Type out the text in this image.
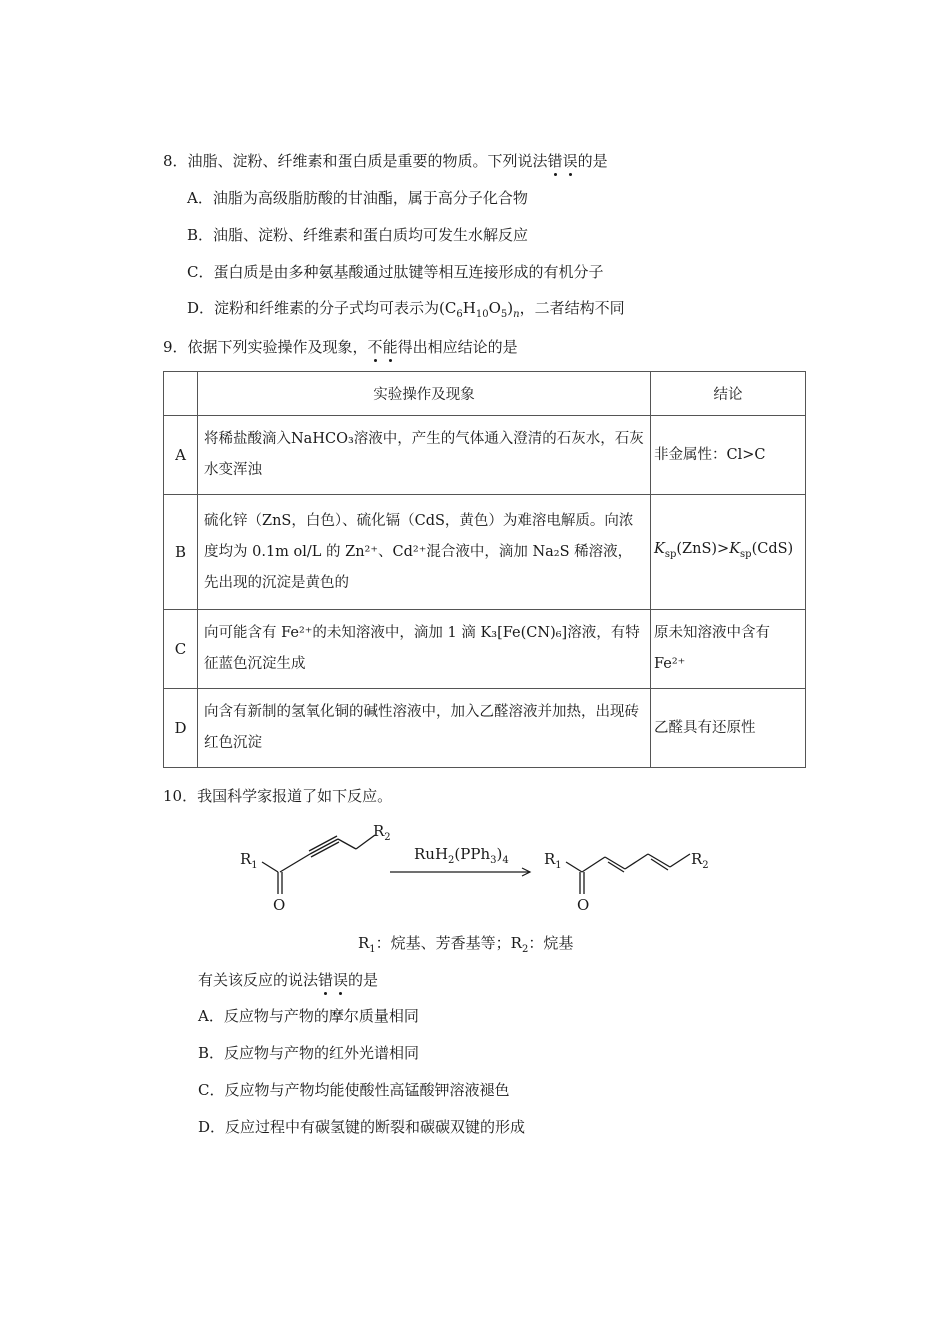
8．油脂、淀粉、纤维素和蛋白质是重要的物质。下列说法错误的是
A．油脂为高级脂肪酸的甘油酯，属于高分子化合物
B．油脂、淀粉、纤维素和蛋白质均可发生水解反应
C．蛋白质是由多种氨基酸通过肽键等相互连接形成的有机分子
D．淀粉和纤维素的分子式均可表示为$(C_6H_{10}O_5)_n$，二者结构不同
9．依据下列实验操作及现象，不能得出相应结论的是
	实验操作及现象	结论
A	将稀盐酸滴入NaHCO₃溶液中，产生的气体通入澄清的石灰水，石灰水变浑浊	非金属性：Cl>C
B	硫化锌（ZnS，白色）、硫化镉（CdS，黄色）为难溶电解质。向浓度均为 0.1m ol/L 的 Zn²⁺、Cd²⁺混合液中，滴加 Na₂S 稀溶液，先出现的沉淀是黄色的	$K_{sp}(ZnS)>K_{sp}(CdS)$
C	向可能含有 Fe²⁺的未知溶液中，滴加 1 滴 K₃[Fe(CN)₆]溶液，有特征蓝色沉淀生成	原未知溶液中含有 Fe²⁺
D	向含有新制的氢氧化铜的碱性溶液中，加入乙醛溶液并加热，出现砖红色沉淀	乙醛具有还原性
10．我国科学家报道了如下反应。
$R_1$
$R_2$
O
$RuH_2(PPh_3)_4$ $R_1$	$R_2$
O
$R_1$：烷基、芳香基等；$R_2$：烷基
有关该反应的说法错误的是
A．反应物与产物的摩尔质量相同
B．反应物与产物的红外光谱相同
C．反应物与产物均能使酸性高锰酸钾溶液褪色
D．反应过程中有碳氢键的断裂和碳碳双键的形成
